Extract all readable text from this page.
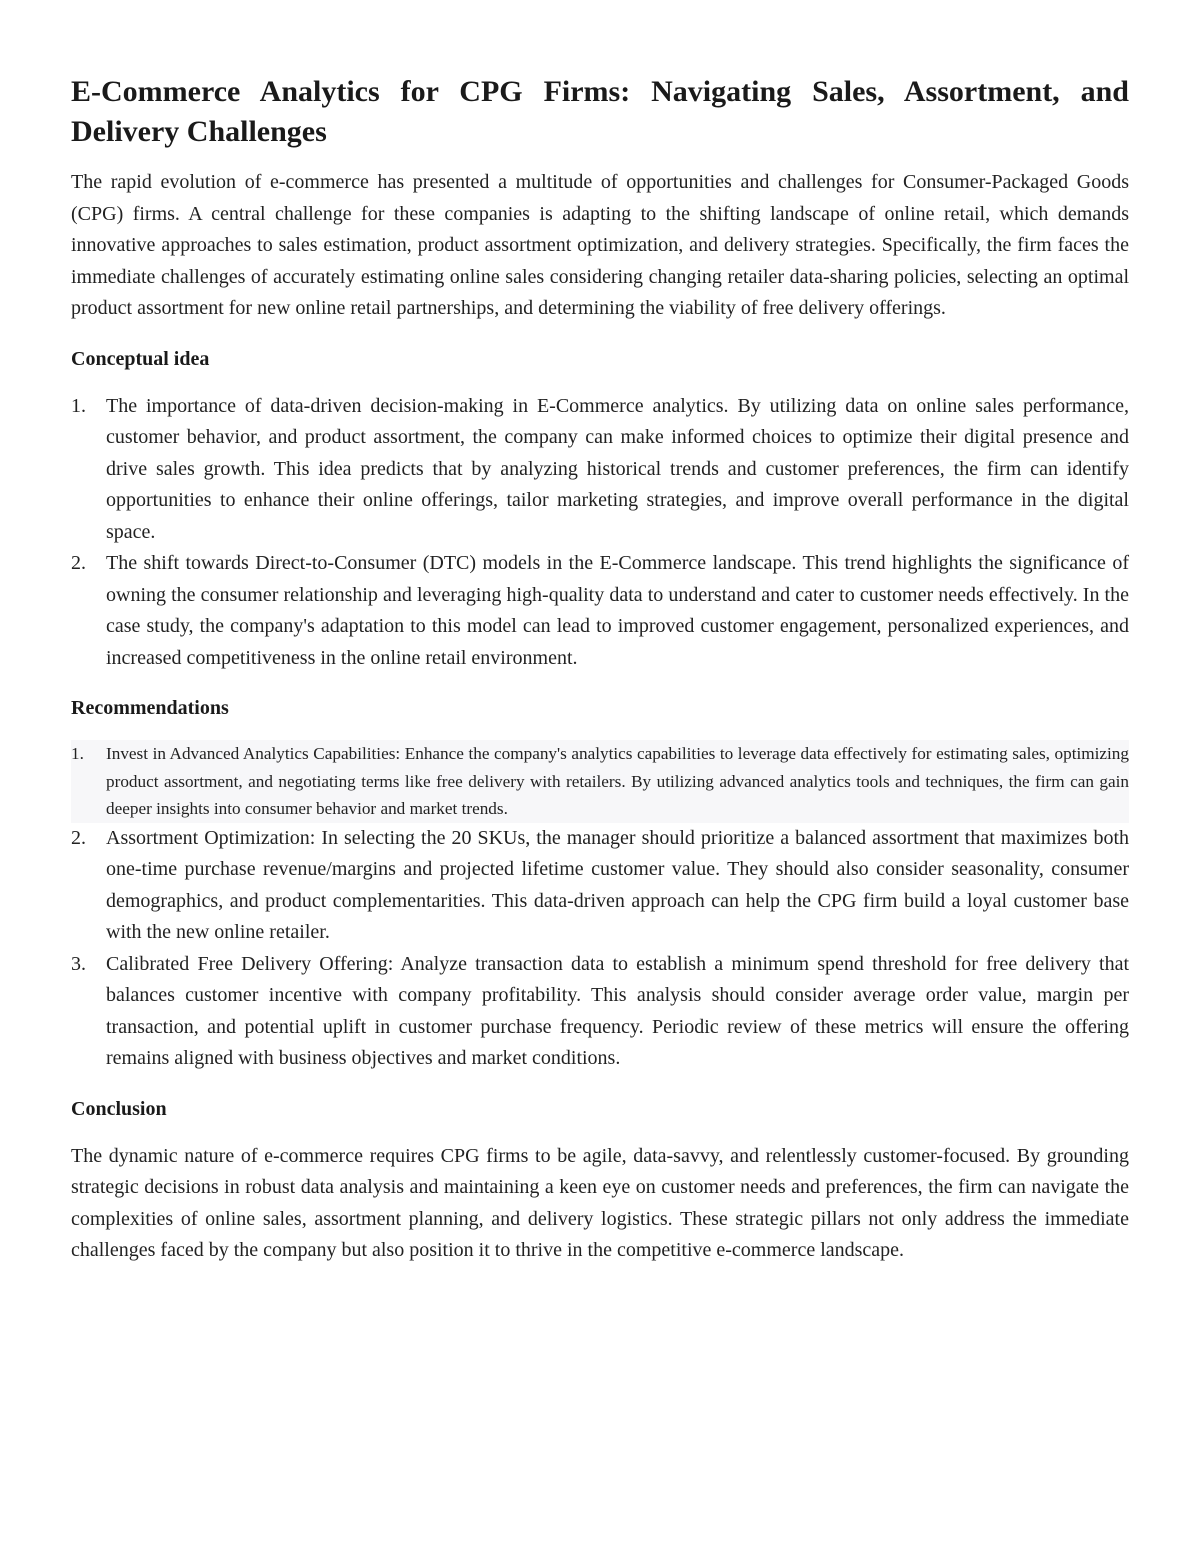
E-Commerce Analytics for CPG Firms: Navigating Sales, Assortment, and Delivery Challenges

The rapid evolution of e-commerce has presented a multitude of opportunities and challenges for Consumer-Packaged Goods (CPG) firms. A central challenge for these companies is adapting to the shifting landscape of online retail, which demands innovative approaches to sales estimation, product assortment optimization, and delivery strategies. Specifically, the firm faces the immediate challenges of accurately estimating online sales considering changing retailer data-sharing policies, selecting an optimal product assortment for new online retail partnerships, and determining the viability of free delivery offerings.

Conceptual idea
1. The importance of data-driven decision-making in E-Commerce analytics. By utilizing data on online sales performance, customer behavior, and product assortment, the company can make informed choices to optimize their digital presence and drive sales growth. This idea predicts that by analyzing historical trends and customer preferences, the firm can identify opportunities to enhance their online offerings, tailor marketing strategies, and improve overall performance in the digital space.
2. The shift towards Direct-to-Consumer (DTC) models in the E-Commerce landscape. This trend highlights the significance of owning the consumer relationship and leveraging high-quality data to understand and cater to customer needs effectively. In the case study, the company's adaptation to this model can lead to improved customer engagement, personalized experiences, and increased competitiveness in the online retail environment.
Recommendations
1. Invest in Advanced Analytics Capabilities: Enhance the company's analytics capabilities to leverage data effectively for estimating sales, optimizing product assortment, and negotiating terms like free delivery with retailers. By utilizing advanced analytics tools and techniques, the firm can gain deeper insights into consumer behavior and market trends.
2. Assortment Optimization: In selecting the 20 SKUs, the manager should prioritize a balanced assortment that maximizes both one-time purchase revenue/margins and projected lifetime customer value. They should also consider seasonality, consumer demographics, and product complementarities. This data-driven approach can help the CPG firm build a loyal customer base with the new online retailer.
3. Calibrated Free Delivery Offering: Analyze transaction data to establish a minimum spend threshold for free delivery that balances customer incentive with company profitability. This analysis should consider average order value, margin per transaction, and potential uplift in customer purchase frequency. Periodic review of these metrics will ensure the offering remains aligned with business objectives and market conditions.
Conclusion

The dynamic nature of e-commerce requires CPG firms to be agile, data-savvy, and relentlessly customer-focused. By grounding strategic decisions in robust data analysis and maintaining a keen eye on customer needs and preferences, the firm can navigate the complexities of online sales, assortment planning, and delivery logistics. These strategic pillars not only address the immediate challenges faced by the company but also position it to thrive in the competitive e-commerce landscape.
